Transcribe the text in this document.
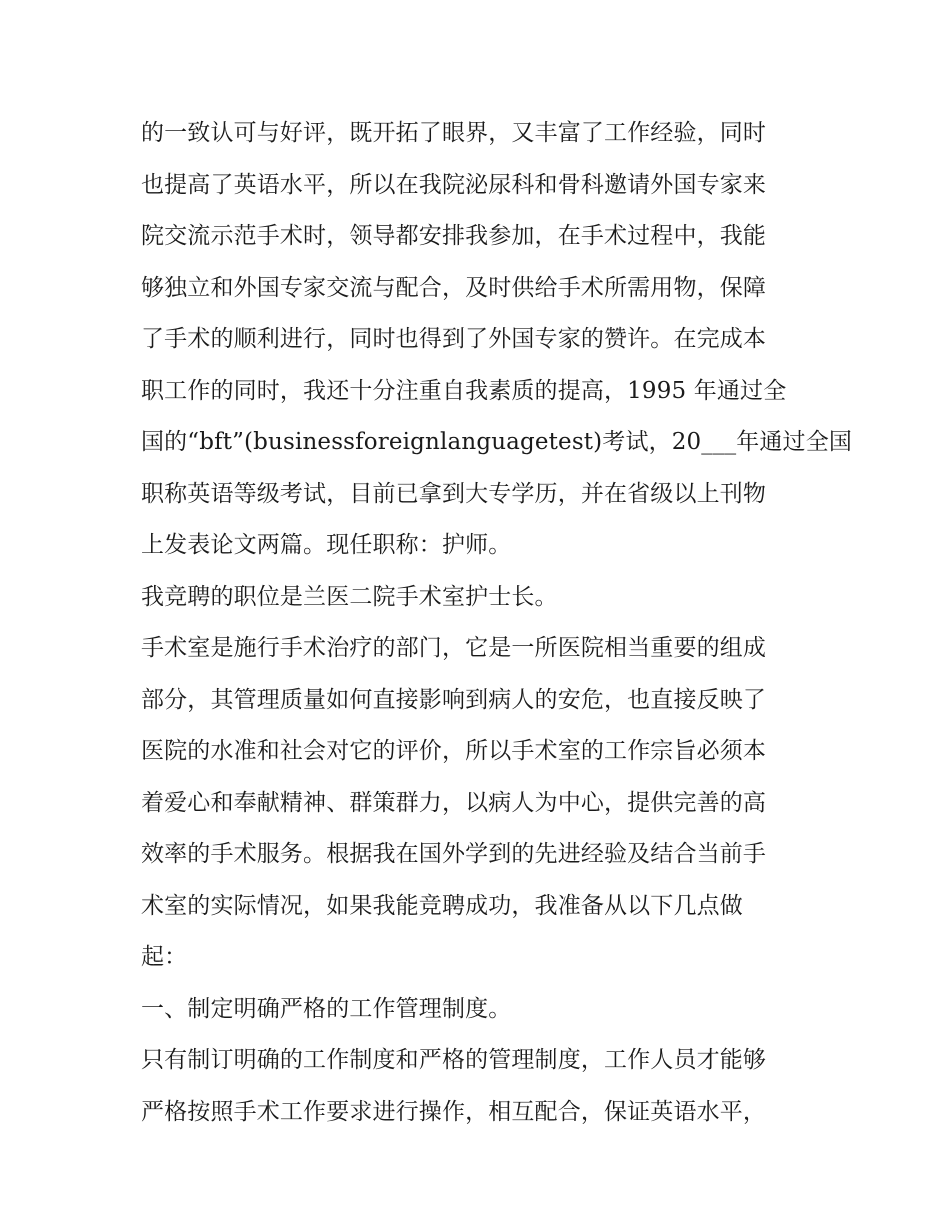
的一致认可与好评，既开拓了眼界，又丰富了工作经验，同时

也提高了英语水平，所以在我院泌尿科和骨科邀请外国专家来

院交流示范手术时，领导都安排我参加，在手术过程中，我能

够独立和外国专家交流与配合，及时供给手术所需用物，保障

了手术的顺利进行，同时也得到了外国专家的赞许。在完成本

职工作的同时，我还十分注重自我素质的提高，1995 年通过全

国的“bft”(businessforeignlanguagetest)考试，20___年通过全国

职称英语等级考试，目前已拿到大专学历，并在省级以上刊物

上发表论文两篇。现任职称：护师。

我竞聘的职位是兰医二院手术室护士长。

手术室是施行手术治疗的部门，它是一所医院相当重要的组成

部分，其管理质量如何直接影响到病人的安危，也直接反映了

医院的水准和社会对它的评价，所以手术室的工作宗旨必须本

着爱心和奉献精神、群策群力，以病人为中心，提供完善的高

效率的手术服务。根据我在国外学到的先进经验及结合当前手

术室的实际情况，如果我能竞聘成功，我准备从以下几点做

起：

一、制定明确严格的工作管理制度。

只有制订明确的工作制度和严格的管理制度，工作人员才能够

严格按照手术工作要求进行操作，相互配合，保证英语水平，
